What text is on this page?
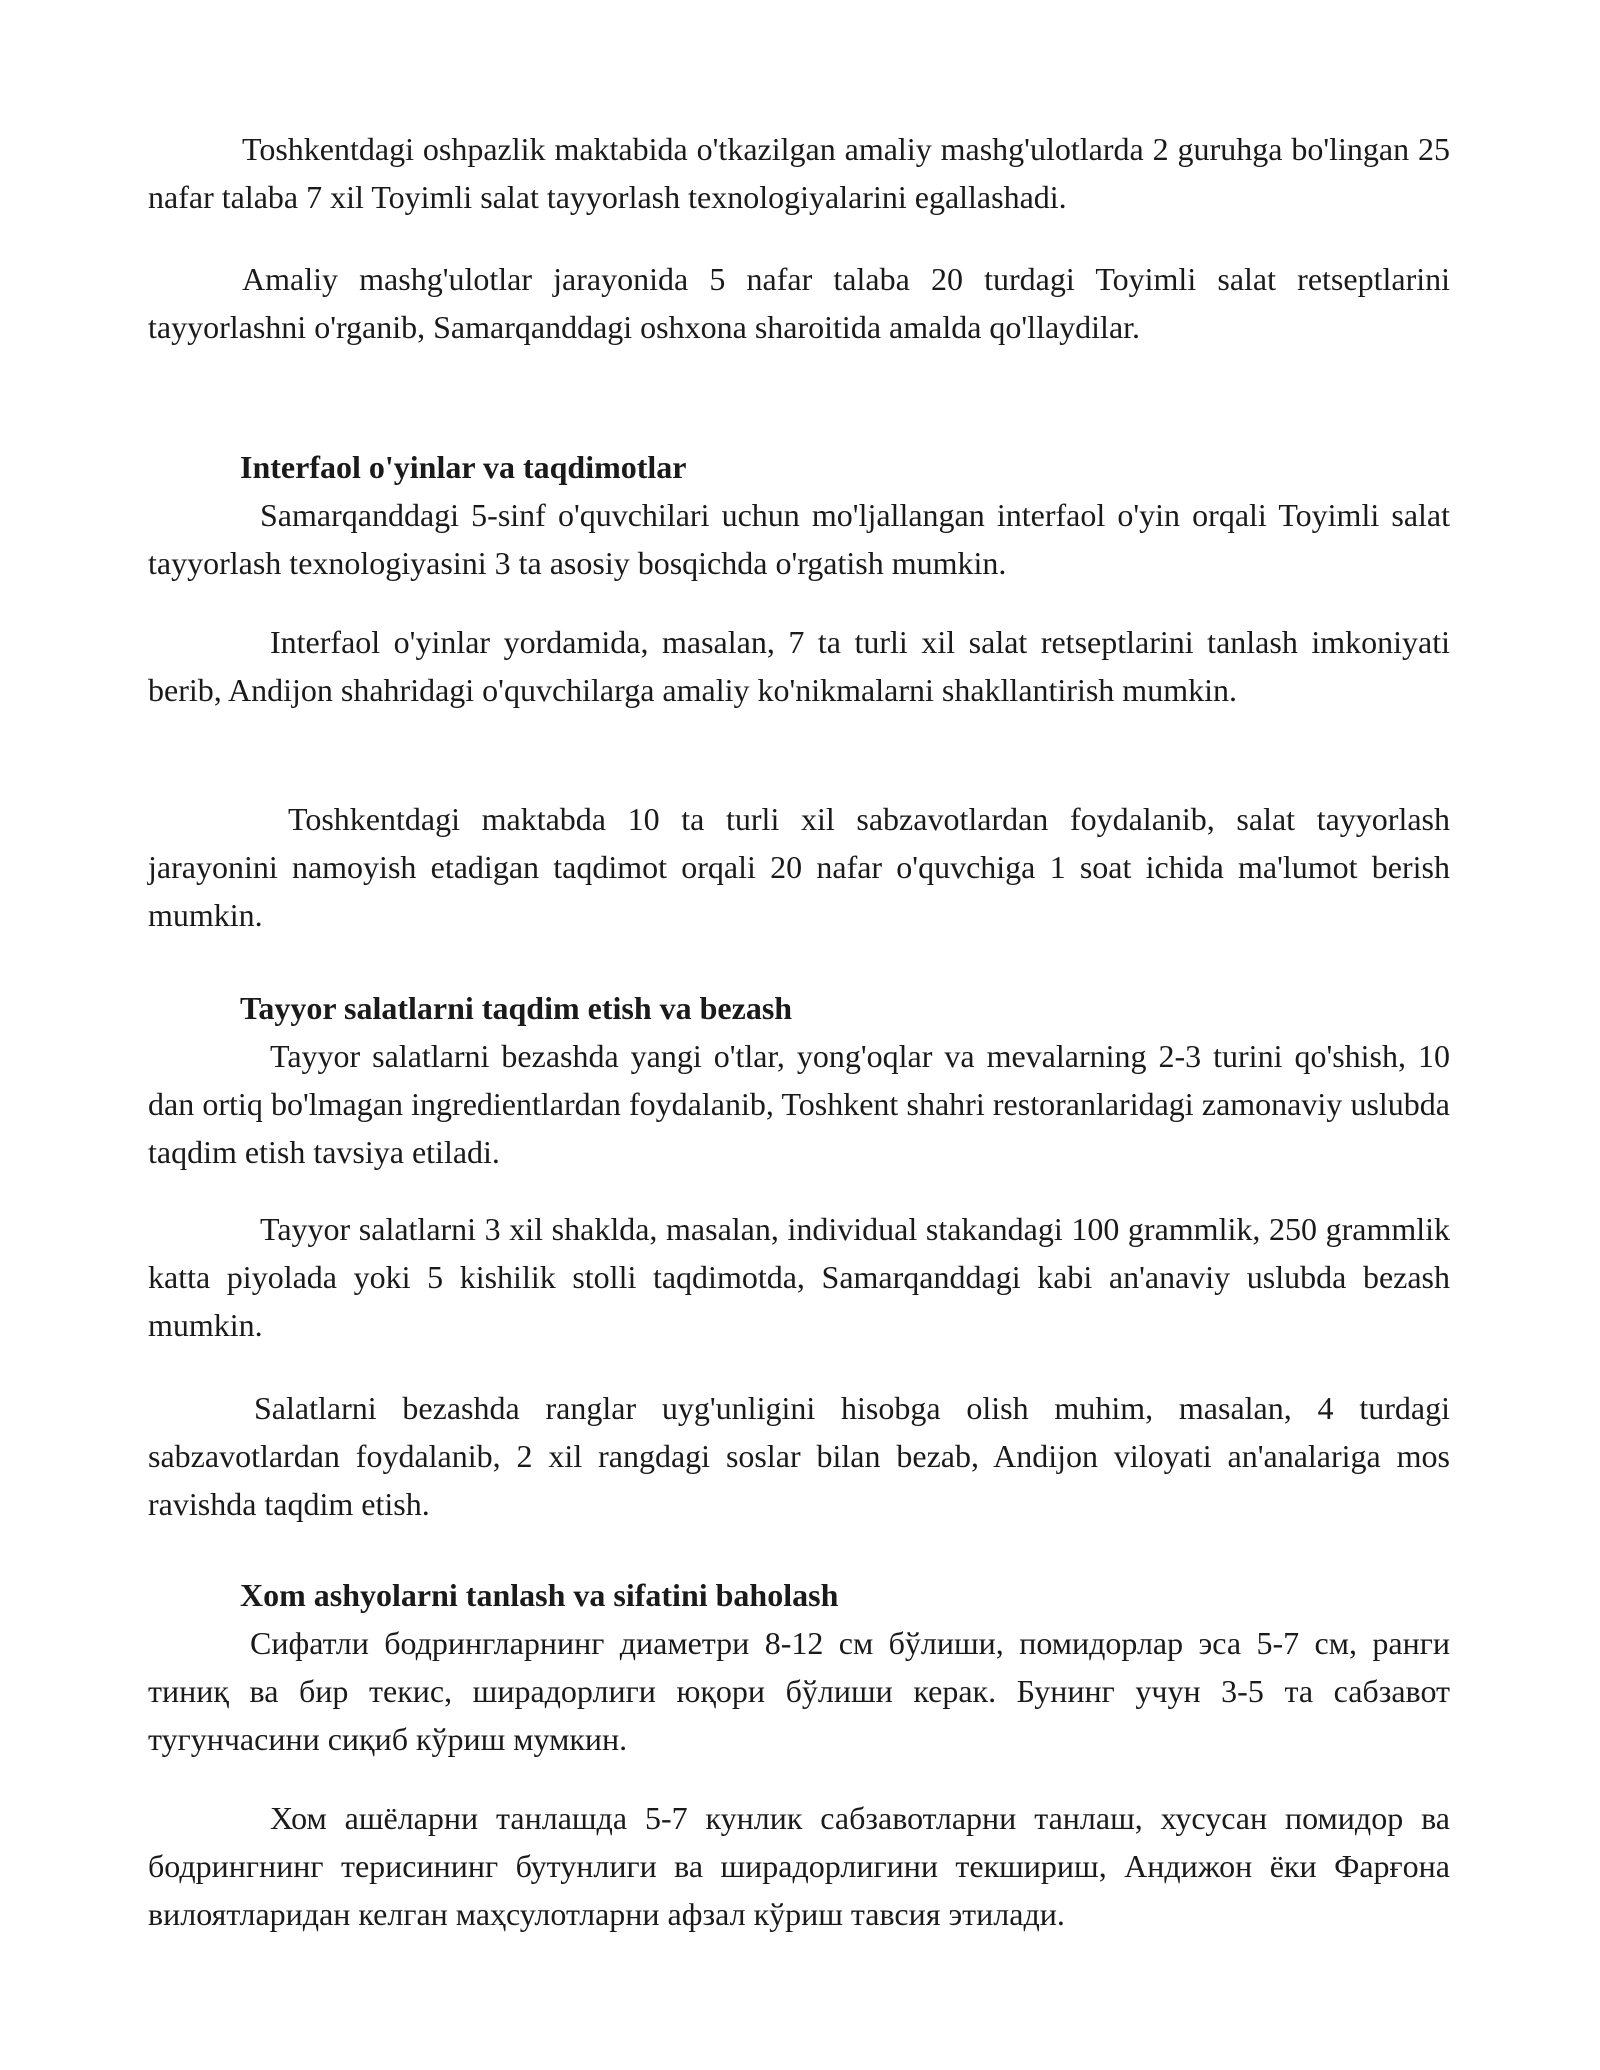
Toshkentdagi oshpazlik maktabida o'tkazilgan amaliy mashg'ulotlarda 2 guruhga bo'lingan 25 nafar talaba 7 xil Toyimli salat tayyorlash texnologiyalarini egallashadi.

Amaliy mashg'ulotlar jarayonida 5 nafar talaba 20 turdagi Toyimli salat retseptlarini tayyorlashni o'rganib, Samarqanddagi oshxona sharoitida amalda qo'llaydilar.

Interfaol o'yinlar va taqdimotlar

Samarqanddagi 5-sinf o'quvchilari uchun mo'ljallangan interfaol o'yin orqali Toyimli salat tayyorlash texnologiyasini 3 ta asosiy bosqichda o'rgatish mumkin.

Interfaol o'yinlar yordamida, masalan, 7 ta turli xil salat retseptlarini tanlash imkoniyati berib, Andijon shahridagi o'quvchilarga amaliy ko'nikmalarni shakllantirish mumkin.

Toshkentdagi maktabda 10 ta turli xil sabzavotlardan foydalanib, salat tayyorlash jarayonini namoyish etadigan taqdimot orqali 20 nafar o'quvchiga 1 soat ichida ma'lumot berish mumkin.

Tayyor salatlarni taqdim etish va bezash

Tayyor salatlarni bezashda yangi o'tlar, yong'oqlar va mevalarning 2-3 turini qo'shish, 10 dan ortiq bo'lmagan ingredientlardan foydalanib, Toshkent shahri restoranlaridagi zamonaviy uslubda taqdim etish tavsiya etiladi.

Tayyor salatlarni 3 xil shaklda, masalan, individual stakandagi 100 grammlik, 250 grammlik katta piyolada yoki 5 kishilik stolli taqdimotda, Samarqanddagi kabi an'anaviy uslubda bezash mumkin.

Salatlarni bezashda ranglar uyg'unligini hisobga olish muhim, masalan, 4 turdagi sabzavotlardan foydalanib, 2 xil rangdagi soslar bilan bezab, Andijon viloyati an'analariga mos ravishda taqdim etish.

Xom ashyolarni tanlash va sifatini baholash

Сифатли бодрингларнинг диаметри 8-12 см бўлиши, помидорлар эса 5-7 см, ранги тиниқ ва бир текис, ширадорлиги юқори бўлиши керак. Бунинг учун 3-5 та сабзавот тугунчасини сиқиб кўриш мумкин.

Хом ашёларни танлашда 5-7 кунлик сабзавотларни танлаш, хусусан помидор ва бодрингнинг терисининг бутунлиги ва ширадорлигини текшириш, Андижон ёки Фарғона вилоятларидан келган маҳсулотларни афзал кўриш тавсия этилади.
